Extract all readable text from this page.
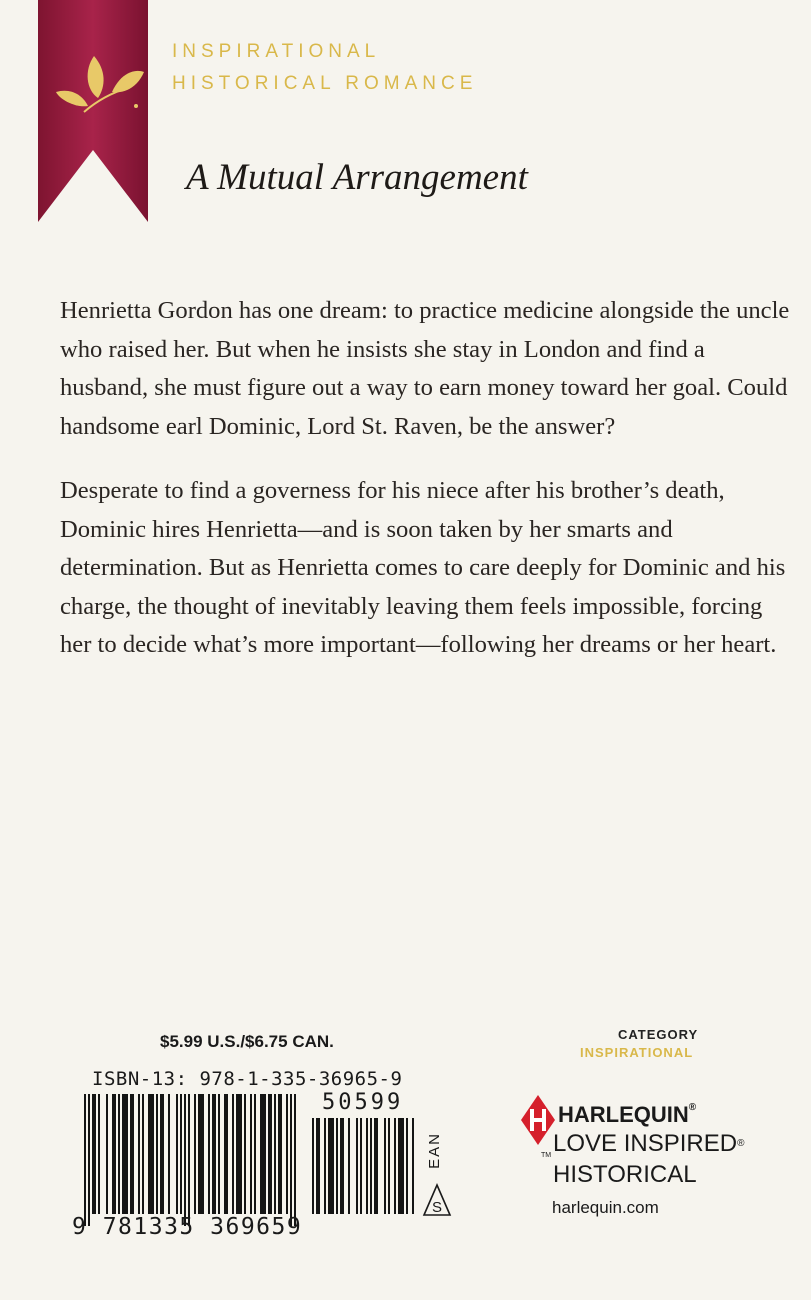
INSPIRATIONAL
HISTORICAL ROMANCE
A Mutual Arrangement

Henrietta Gordon has one dream: to practice medicine alongside the uncle who raised her. But when he insists she stay in London and find a husband, she must figure out a way to earn money toward her goal. Could handsome earl Dominic, Lord St. Raven, be the answer?

Desperate to find a governess for his niece after his brother’s death, Dominic hires Henrietta—and is soon taken by her smarts and determination. But as Henrietta comes to care deeply for Dominic and his charge, the thought of inevitably leaving them feels impossible, forcing her to decide what’s more important—following her dreams or her heart.

$5.99 U.S./$6.75 CAN.	CATEGORY
INSPIRATIONAL
ISBN-13: 978-1-335-36965-9
50599
EAN
S
9 781335 369659
HARLEQUIN®
TM LOVE INSPIRED®
HISTORICAL
harlequin.com
